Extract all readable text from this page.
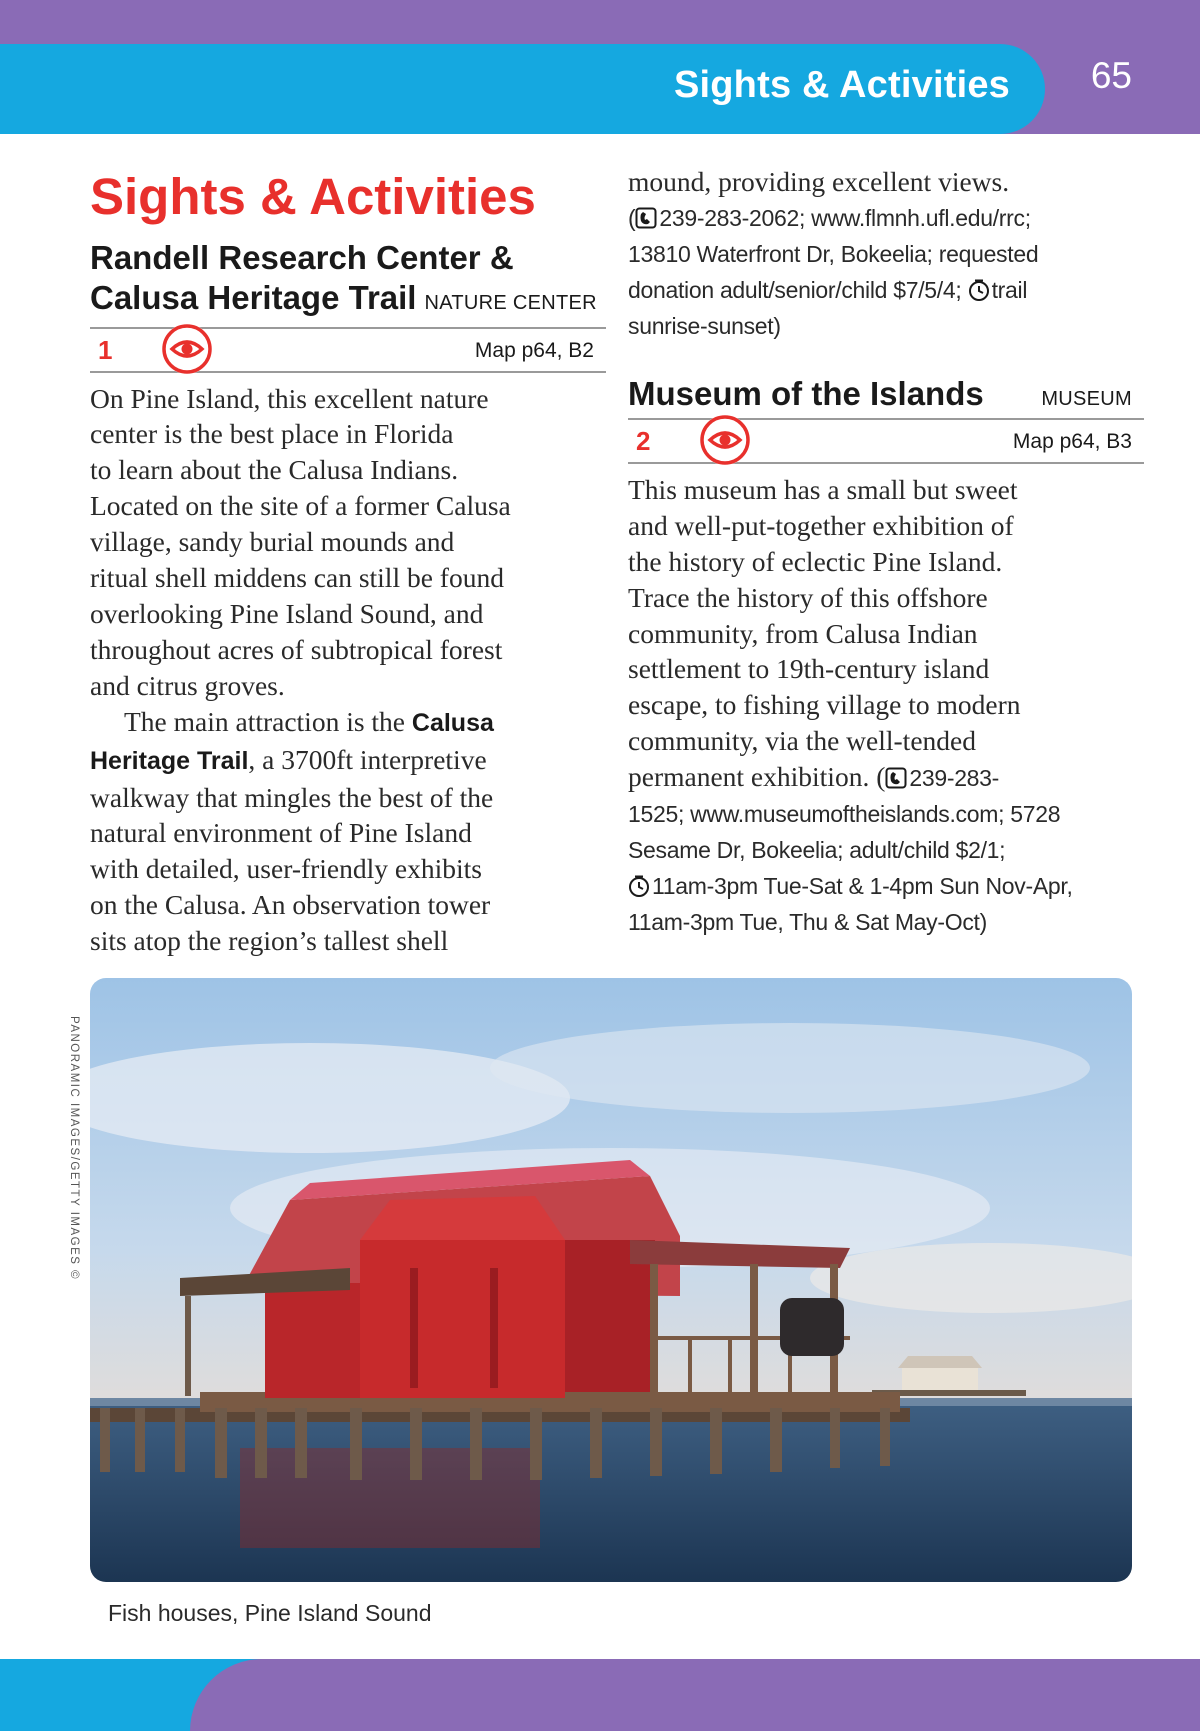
Sights & Activities 65
Sights & Activities
Randell Research Center &
Calusa Heritage Trail NATURE CENTER
1	Map p64, B2
On Pine Island, this excellent nature
center is the best place in Florida
to learn about the Calusa Indians.
Located on the site of a former Calusa
village, sandy burial mounds and
ritual shell middens can still be found
overlooking Pine Island Sound, and
throughout acres of subtropical forest
and citrus groves.
The main attraction is the Calusa
Heritage Trail, a 3700ft interpretive
walkway that mingles the best of the
natural environment of Pine Island
with detailed, user-friendly exhibits
on the Calusa. An observation tower
sits atop the region’s tallest shell
mound, providing excellent views.
( 239-283-2062; www.flmnh.ufl.edu/rrc;
13810 Waterfront Dr, Bokeelia; requested
donation adult/senior/child $7/5/4; trail
sunrise-sunset)
Museum of the Islands	MUSEUM
2	Map p64, B3
This museum has a small but sweet
and well-put-together exhibition of
the history of eclectic Pine Island.
Trace the history of this offshore
community, from Calusa Indian
settlement to 19th-century island
escape, to fishing village to modern
community, via the well-tended
permanent exhibition. ( 239-283-
1525; www.museumoftheislands.com; 5728
Sesame Dr, Bokeelia; adult/child $2/1;
11am-3pm Tue-Sat & 1-4pm Sun Nov-Apr,
11am-3pm Tue, Thu & Sat May-Oct)
PANORAMIC IMAGES/GETTY IMAGES ©
Fish houses, Pine Island Sound
